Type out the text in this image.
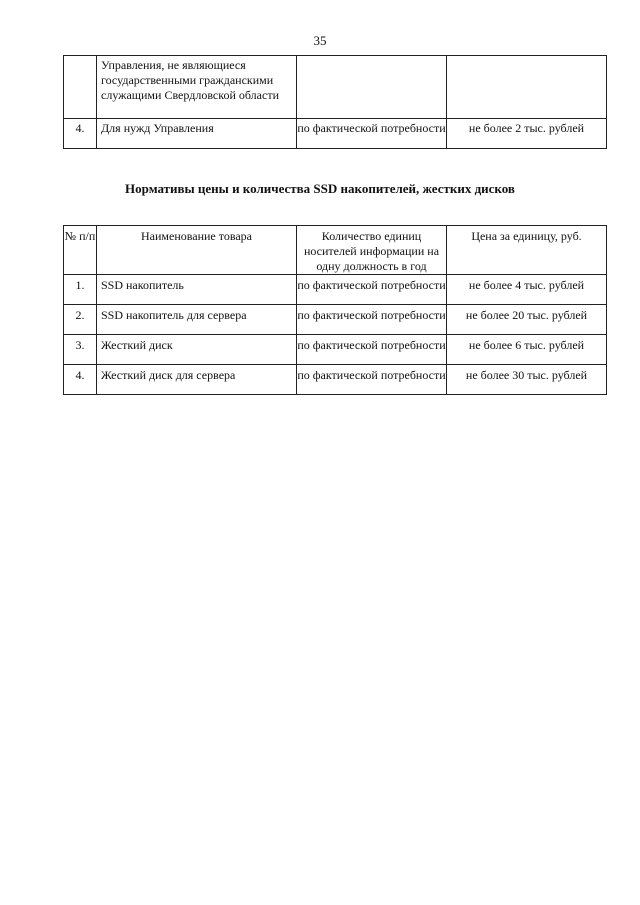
35
	Управления, не являющиеся государственными гражданскими служащими Свердловской области		
4.	Для нужд Управления	по фактической потребности	не более 2 тыс. рублей
Нормативы цены и количества SSD накопителей, жестких дисков
№ п/п	Наименование товара	Количество единиц носителей информации на одну должность в год	Цена за единицу, руб.
1.	SSD накопитель	по фактической потребности	не более 4 тыс. рублей
2.	SSD накопитель для сервера	по фактической потребности	не более 20 тыс. рублей
3.	Жесткий диск	по фактической потребности	не более 6 тыс. рублей
4.	Жесткий диск для сервера	по фактической потребности	не более 30 тыс. рублей
